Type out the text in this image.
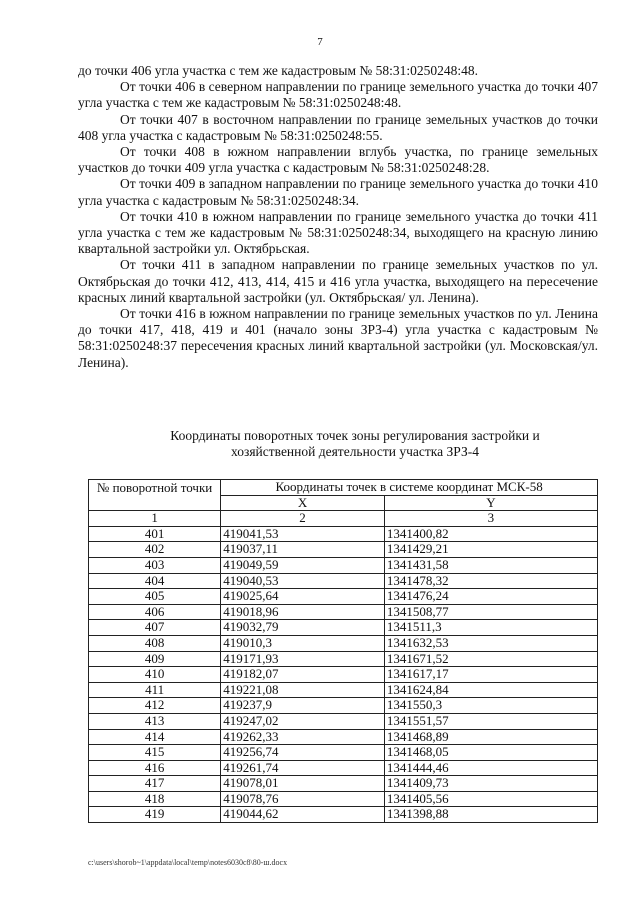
7

до точки 406 угла участка с тем же кадастровым № 58:31:0250248:48.

От точки 406 в северном направлении по границе земельного участка до точки 407 угла участка с тем же кадастровым № 58:31:0250248:48.

От точки 407 в восточном направлении по границе земельных участков до точки 408 угла участка с кадастровым № 58:31:0250248:55.

От точки 408 в южном направлении вглубь участка, по границе земельных участков до точки 409 угла участка с кадастровым № 58:31:0250248:28.

От точки 409 в западном направлении по границе земельного участка до точки 410 угла участка с кадастровым № 58:31:0250248:34.

От точки 410 в южном направлении по границе земельного участка до точки 411 угла участка с тем же кадастровым № 58:31:0250248:34, выходящего на красную линию квартальной застройки ул. Октябрьская.

От точки 411 в западном направлении по границе земельных участков по ул. Октябрьская до точки 412, 413, 414, 415 и 416 угла участка, выходящего на пересечение красных линий квартальной застройки (ул. Октябрьская/ ул. Ленина).

От точки 416 в южном направлении по границе земельных участков по ул. Ленина до точки 417, 418, 419 и 401 (начало зоны ЗРЗ-4) угла участка с кадастровым № 58:31:0250248:37 пересечения красных линий квартальной застройки (ул. Московская/ул. Ленина).

Координаты поворотных точек зоны регулирования застройки и
хозяйственной деятельности участка ЗРЗ-4
№ поворотной точки	Координаты точек в системе координат МСК-58	
	X	Y
1	2	3
401	419041,53	1341400,82
402	419037,11	1341429,21
403	419049,59	1341431,58
404	419040,53	1341478,32
405	419025,64	1341476,24
406	419018,96	1341508,77
407	419032,79	1341511,3
408	419010,3	1341632,53
409	419171,93	1341671,52
410	419182,07	1341617,17
411	419221,08	1341624,84
412	419237,9	1341550,3
413	419247,02	1341551,57
414	419262,33	1341468,89
415	419256,74	1341468,05
416	419261,74	1341444,46
417	419078,01	1341409,73
418	419078,76	1341405,56
419	419044,62	1341398,88
c:\users\shorob~1\appdata\local\temp\notes6030c8\80-ш.docx
